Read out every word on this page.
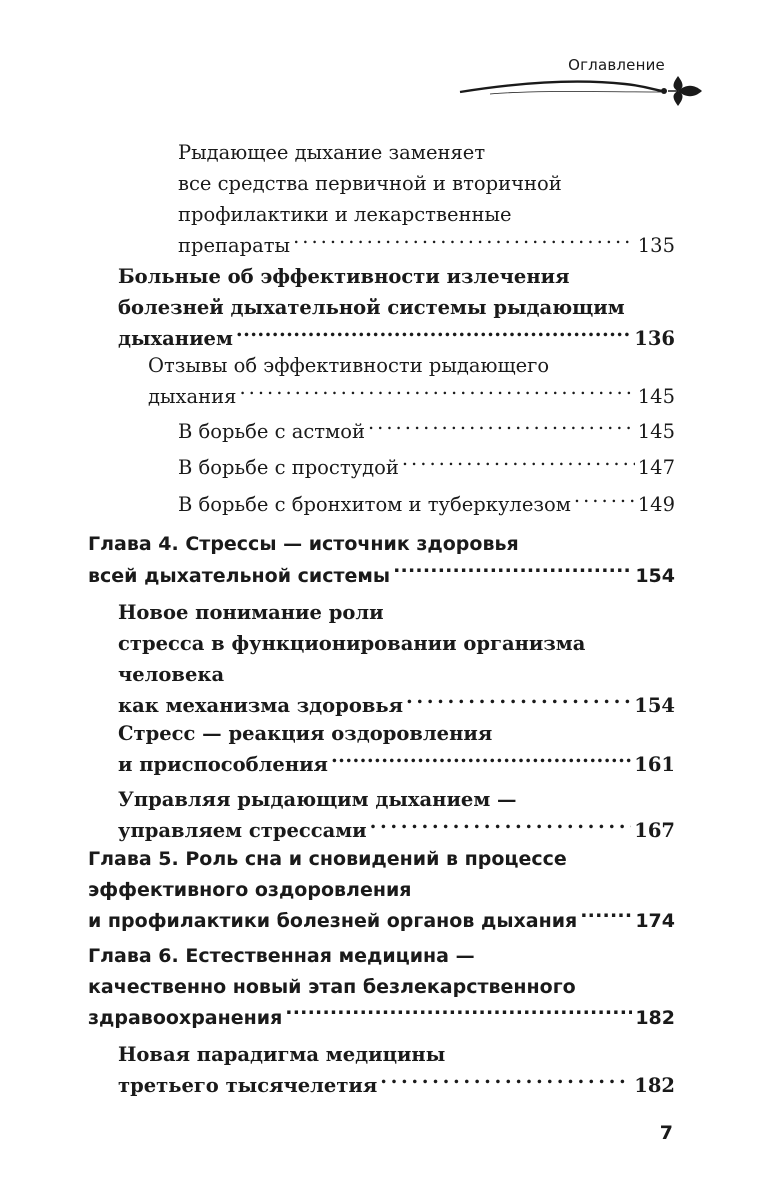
Оглавление
Рыдающее дыхание заменяет
все средства первичной и вторичной
профилактики и лекарственные
препараты . . .	135
Больные об эффективности излечения
болезней дыхательной системы рыдающим
дыханием . . .	136
Отзывы об эффективности рыдающего
дыхания . . .	145
В борьбе с астмой . . .	145
В борьбе с простудой . . .	147
В борьбе с бронхитом и туберкулезом . . .	149
Глава 4. Стрессы — источник здоровья
всей дыхательной системы . . .	154
Новое понимание роли
стресса в функционировании организма
человека
как механизма здоровья . . .	154
Стресс — реакция оздоровления
и приспособления . . .	161
Управляя рыдающим дыханием —
управляем стрессами . . .	167
Глава 5. Роль сна и сновидений в процессе
эффективного оздоровления
и профилактики болезней органов дыхания . . .	174
Глава 6. Естественная медицина —
качественно новый этап безлекарственного
здравоохранения . . .	182
Новая парадигма медицины
третьего тысячелетия . . .	182
7
